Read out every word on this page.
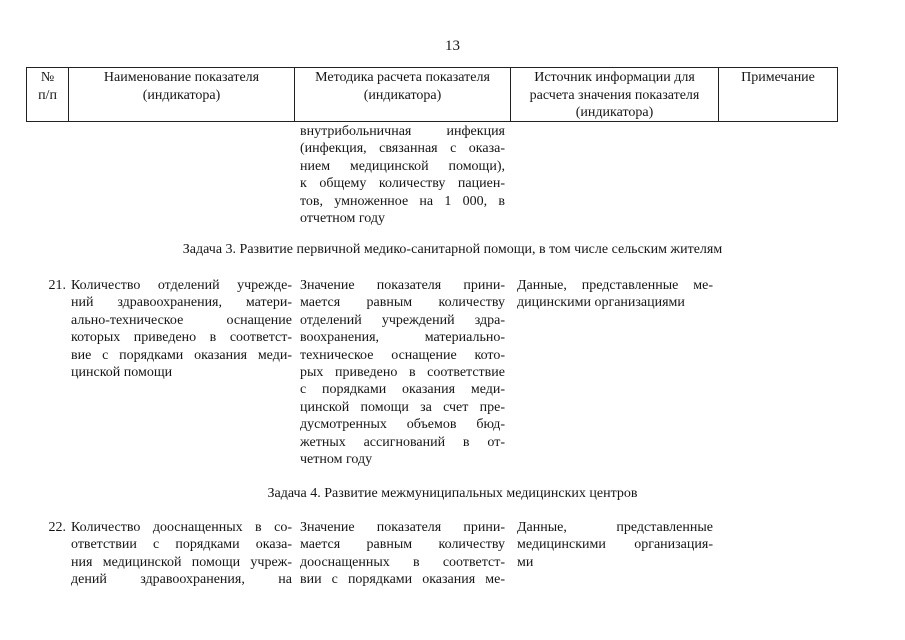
13
№
п/п
Наименование показателя
(индикатора)
Методика расчета показателя
(индикатора)
Источник информации для
расчета значения показателя
(индикатора)
Примечание
внутрибольничная инфекция
(инфекция, связанная с оказа-
нием медицинской помощи),
к общему количеству пациен-
тов, умноженное на 1 000, в
отчетном году
Задача 3. Развитие первичной медико-санитарной помощи, в том числе сельским жителям
21. Количество отделений учрежде-
ний здравоохранения, матери-
ально-техническое оснащение
которых приведено в соответст-
вие с порядками оказания меди-
цинской помощи
Значение показателя прини-
мается равным количеству
отделений учреждений здра-
воохранения, материально-
техническое оснащение кото-
рых приведено в соответствие
с порядками оказания меди-
цинской помощи за счет пре-
дусмотренных объемов бюд-
жетных ассигнований в от-
четном году
Данные, представленные ме-
дицинскими организациями
Задача 4. Развитие межмуниципальных медицинских центров
22. Количество дооснащенных в со-
ответствии с порядками оказа-
ния медицинской помощи учреж-
дений здравоохранения, на
Значение показателя прини-
мается равным количеству
дооснащенных в соответст-
вии с порядками оказания ме-
Данные, представленные
медицинскими организация-
ми
